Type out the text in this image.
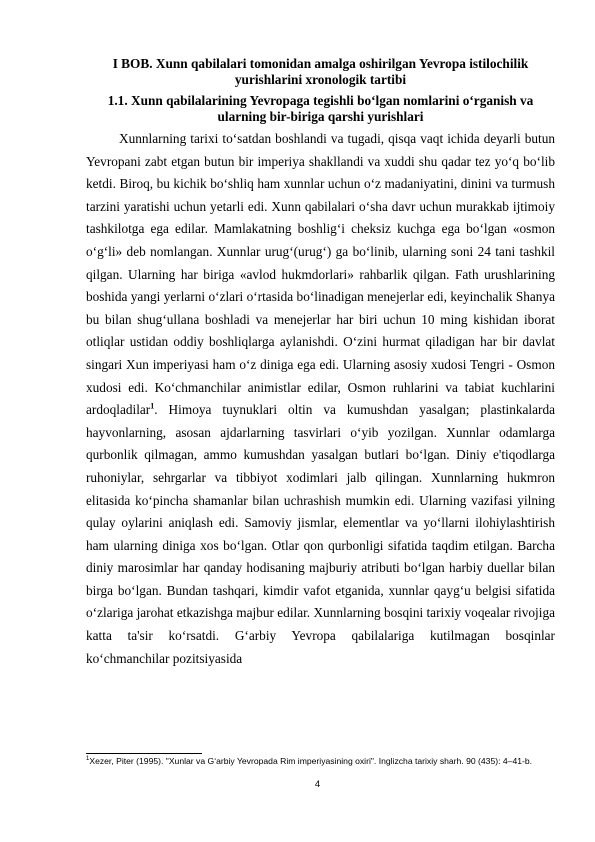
I BOB. Xunn qabilalari tomonidan amalga oshirilgan Yevropa istilochilik yurishlarini xronologik tartibi
1.1. Xunn qabilalarining Yevropaga tegishli bo‘lgan nomlarini o‘rganish va ularning bir-biriga qarshi yurishlari

Xunnlarning tarixi to‘satdan boshlandi va tugadi, qisqa vaqt ichida deyarli butun Yevropani zabt etgan butun bir imperiya shakllandi va xuddi shu qadar tez yo‘q bo‘lib ketdi. Biroq, bu kichik bo‘shliq ham xunnlar uchun o‘z madaniyatini, dinini va turmush tarzini yaratishi uchun yetarli edi. Xunn qabilalari o‘sha davr uchun murakkab ijtimoiy tashkilotga ega edilar. Mamlakatning boshlig‘i cheksiz kuchga ega bo‘lgan «osmon o‘g‘li» deb nomlangan. Xunnlar urug‘(urug‘) ga bo‘linib, ularning soni 24 tani tashkil qilgan. Ularning har biriga «avlod hukmdorlari» rahbarlik qilgan. Fath urushlarining boshida yangi yerlarni o‘zlari o‘rtasida bo‘linadigan menejerlar edi, keyinchalik Shanya bu bilan shug‘ullana boshladi va menejerlar har biri uchun 10 ming kishidan iborat otliqlar ustidan oddiy boshliqlarga aylanishdi. O‘zini hurmat qiladigan har bir davlat singari Xun imperiyasi ham o‘z diniga ega edi. Ularning asosiy xudosi Tengri - Osmon xudosi edi. Ko‘chmanchilar animistlar edilar, Osmon ruhlarini va tabiat kuchlarini ardoqladilar$^1$. Himoya tuynuklari oltin va kumushdan yasalgan; plastinkalarda hayvonlarning, asosan ajdarlarning tasvirlari o‘yib yozilgan. Xunnlar odamlarga qurbonlik qilmagan, ammo kumushdan yasalgan butlari bo‘lgan. Diniy e'tiqodlarga ruhoniylar, sehrgarlar va tibbiyot xodimlari jalb qilingan. Xunnlarning hukmron elitasida ko‘pincha shamanlar bilan uchrashish mumkin edi. Ularning vazifasi yilning qulay oylarini aniqlash edi. Samoviy jismlar, elementlar va yo‘llarni ilohiylashtirish ham ularning diniga xos bo‘lgan. Otlar qon qurbonligi sifatida taqdim etilgan. Barcha diniy marosimlar har qanday hodisaning majburiy atributi bo‘lgan harbiy duellar bilan birga bo‘lgan. Bundan tashqari, kimdir vafot etganida, xunnlar qayg‘u belgisi sifatida o‘zlariga jarohat etkazishga majbur edilar. Xunnlarning bosqini tarixiy voqealar rivojiga katta ta'sir ko‘rsatdi. G‘arbiy Yevropa qabilalariga kutilmagan bosqinlar ko‘chmanchilar pozitsiyasida

$^1$Xezer, Piter (1995). "Xunlar va G‘arbiy Yevropada Rim imperiyasining oxiri". Inglizcha tarixiy sharh. 90 (435): 4–41-b.
4
